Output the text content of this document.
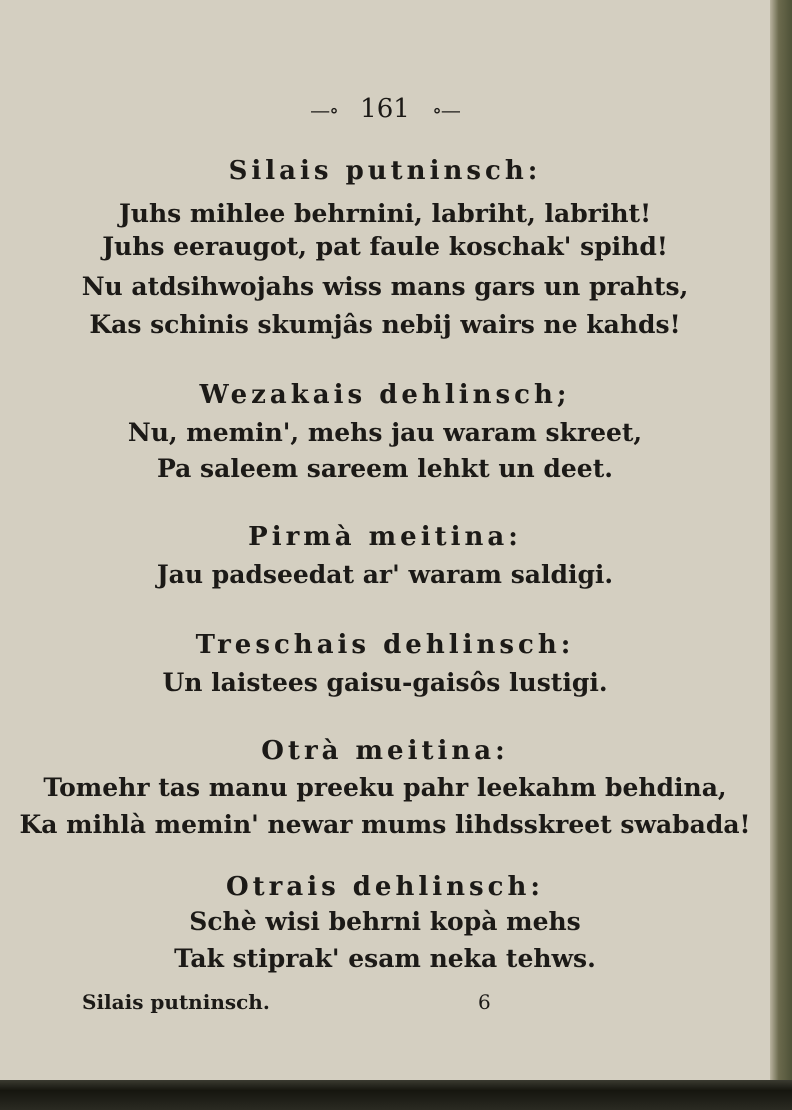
—∘ 161 ∘—
Silais putninsch:
Juhs mihlee behrnini, labriht, labriht!
Juhs eeraugot, pat faule koschak' spihd!
Nu atdsihwojahs wiss mans gars un prahts,
Kas schinis skumjâs nebij wairs ne kahds!
Wezakais dehlinsch;
Nu, memin', mehs jau waram skreet,
Pa saleem sareem lehkt un deet.
Pirmà meitina:
Jau padseedat ar' waram saldigi.
Treschais dehlinsch:
Un laistees gaisu-gaisôs lustigi.
Otrà meitina:
Tomehr tas manu preeku pahr leekahm behdina,
Ka mihlà memin' newar mums lihdsskreet swabada!
Otrais dehlinsch:
Schè wisi behrni kopà mehs
Tak stiprak' esam neka tehws.
Silais putninsch.	6
